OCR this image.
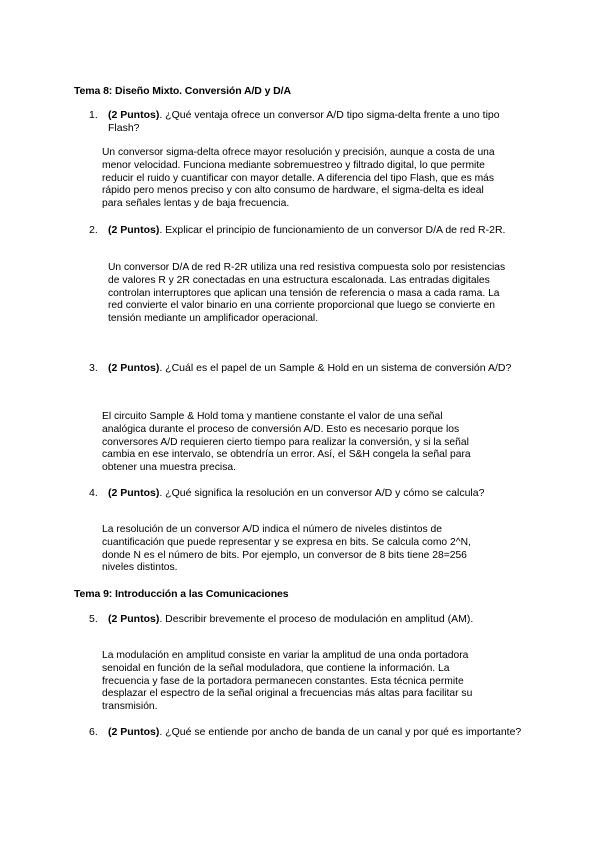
Tema 8: Diseño Mixto. Conversión A/D y D/A
1. (2 Puntos). ¿Qué ventaja ofrece un conversor A/D tipo sigma-delta frente a uno tipo Flash?
Un conversor sigma-delta ofrece mayor resolución y precisión, aunque a costa de una menor velocidad. Funciona mediante sobremuestreo y filtrado digital, lo que permite reducir el ruido y cuantificar con mayor detalle. A diferencia del tipo Flash, que es más rápido pero menos preciso y con alto consumo de hardware, el sigma-delta es ideal para señales lentas y de baja frecuencia.
2. (2 Puntos). Explicar el principio de funcionamiento de un conversor D/A de red R-2R.
Un conversor D/A de red R-2R utiliza una red resistiva compuesta solo por resistencias de valores R y 2R conectadas en una estructura escalonada. Las entradas digitales controlan interruptores que aplican una tensión de referencia o masa a cada rama. La red convierte el valor binario en una corriente proporcional que luego se convierte en tensión mediante un amplificador operacional.
3. (2 Puntos). ¿Cuál es el papel de un Sample & Hold en un sistema de conversión A/D?
El circuito Sample & Hold toma y mantiene constante el valor de una señal analógica durante el proceso de conversión A/D. Esto es necesario porque los conversores A/D requieren cierto tiempo para realizar la conversión, y si la señal cambia en ese intervalo, se obtendría un error. Así, el S&H congela la señal para obtener una muestra precisa.
4. (2 Puntos). ¿Qué significa la resolución en un conversor A/D y cómo se calcula?
La resolución de un conversor A/D indica el número de niveles distintos de cuantificación que puede representar y se expresa en bits. Se calcula como 2^N, donde N es el número de bits. Por ejemplo, un conversor de 8 bits tiene 28=256 niveles distintos.
Tema 9: Introducción a las Comunicaciones
5. (2 Puntos). Describir brevemente el proceso de modulación en amplitud (AM).
La modulación en amplitud consiste en variar la amplitud de una onda portadora senoidal en función de la señal moduladora, que contiene la información. La frecuencia y fase de la portadora permanecen constantes. Esta técnica permite desplazar el espectro de la señal original a frecuencias más altas para facilitar su transmisión.
6. (2 Puntos). ¿Qué se entiende por ancho de banda de un canal y por qué es importante?
